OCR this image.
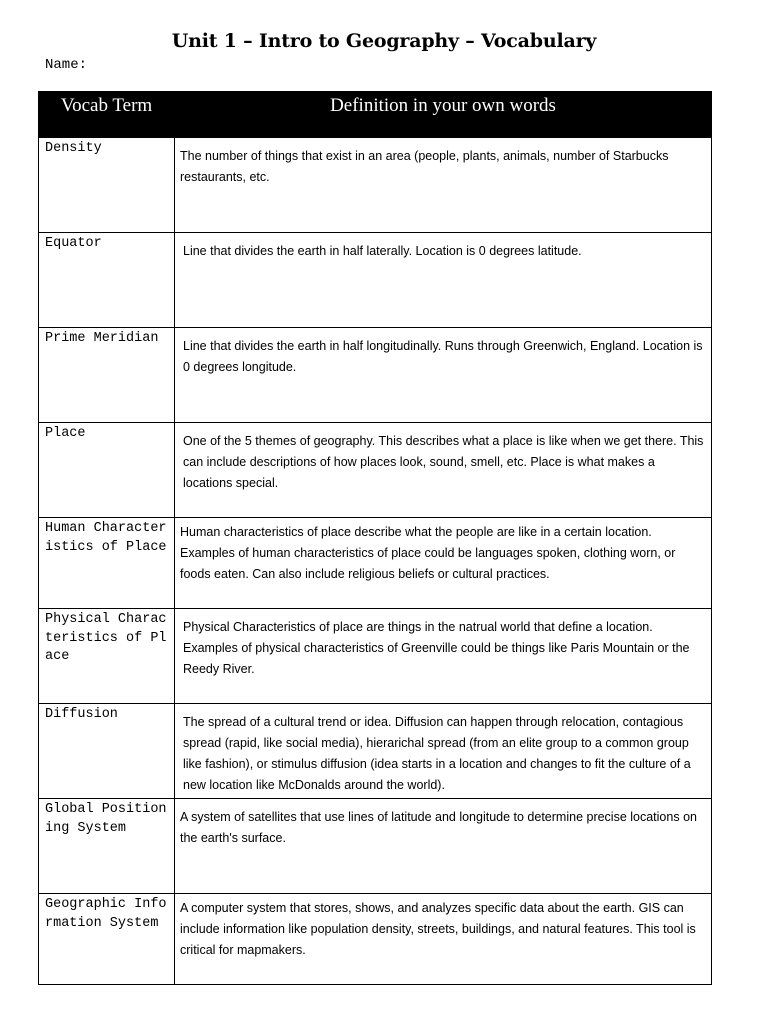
Unit 1 – Intro to Geography – Vocabulary
Name:
Vocab Term	Definition in your own words
Density	The number of things that exist in an area (people, plants, animals, number of Starbucks restaurants, etc.
Equator	Line that divides the earth in half laterally. Location is 0 degrees latitude.
Prime Meridian	Line that divides the earth in half longitudinally. Runs through Greenwich, England. Location is 0 degrees longitude.
Place	One of the 5 themes of geography. This describes what a place is like when we get there. This can include descriptions of how places look, sound, smell, etc. Place is what makes a locations special.
Human Characteristics of Place	Human characteristics of place describe what the people are like in a certain location. Examples of human characteristics of place could be languages spoken, clothing worn, or foods eaten. Can also include religious beliefs or cultural practices.
Physical Characteristics of Place	Physical Characteristics of place are things in the natrual world that define a location. Examples of physical characteristics of Greenville could be things like Paris Mountain or the Reedy River.
Diffusion	The spread of a cultural trend or idea. Diffusion can happen through relocation, contagious spread (rapid, like social media), hierarichal spread (from an elite group to a common group like fashion), or stimulus diffusion (idea starts in a location and changes to fit the culture of a new location like McDonalds around the world).
Global Positioning System	A system of satellites that use lines of latitude and longitude to determine precise locations on the earth's surface.
Geographic Information System	A computer system that stores, shows, and analyzes specific data about the earth. GIS can include information like population density, streets, buildings, and natural features. This tool is critical for mapmakers.
